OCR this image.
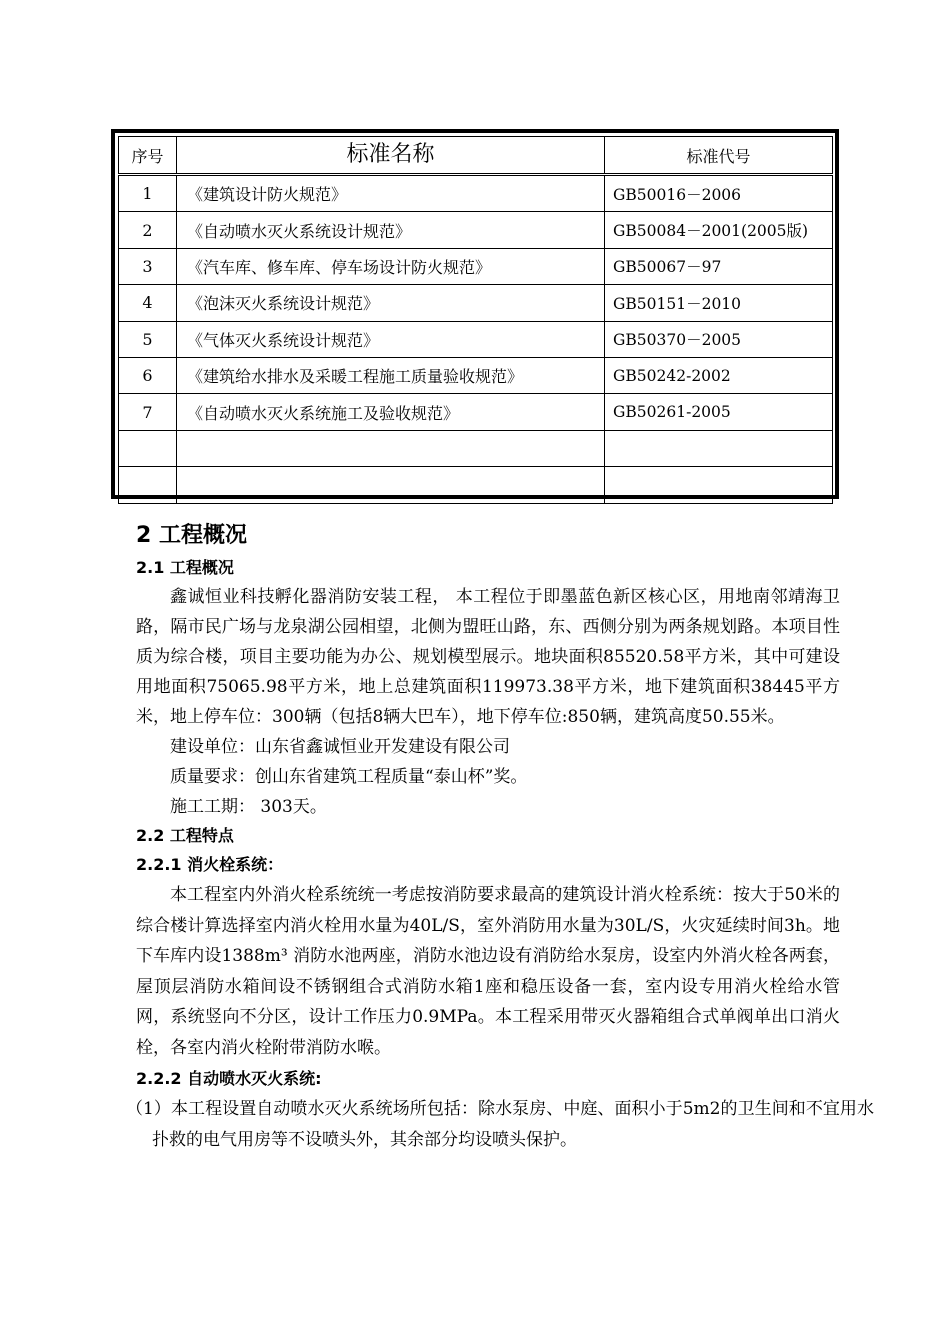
序号	标准名称	标准代号
1	《建筑设计防火规范》	GB50016－2006
2	《自动喷水灭火系统设计规范》	GB50084－2001(2005版)
3	《汽车库、修车库、停车场设计防火规范》	GB50067－97
4	《泡沫灭火系统设计规范》	GB50151－2010
5	《气体灭火系统设计规范》	GB50370－2005
6	《建筑给水排水及采暖工程施工质量验收规范》	GB50242-2002
7	《自动喷水灭火系统施工及验收规范》	GB50261-2005

2 工程概况
2.1 工程概况

鑫诚恒业科技孵化器消防安装工程， 本工程位于即墨蓝色新区核心区，用地南邻靖海卫路，隔市民广场与龙泉湖公园相望，北侧为盟旺山路，东、西侧分别为两条规划路。本项目性质为综合楼，项目主要功能为办公、规划模型展示。地块面积85520.58平方米，其中可建设用地面积75065.98平方米，地上总建筑面积119973.38平方米，地下建筑面积38445平方米，地上停车位：300辆（包括8辆大巴车），地下停车位:850辆，建筑高度50.55米。

建设单位：山东省鑫诚恒业开发建设有限公司

质量要求：创山东省建筑工程质量“泰山杯”奖。

施工工期： 303天。

2.2 工程特点
2.2.1 消火栓系统：

本工程室内外消火栓系统统一考虑按消防要求最高的建筑设计消火栓系统：按大于50米的综合楼计算选择室内消火栓用水量为40L/S，室外消防用水量为30L/S，火灾延续时间3h。地下车库内设1388m³ 消防水池两座，消防水池边设有消防给水泵房，设室内外消火栓各两套，屋顶层消防水箱间设不锈钢组合式消防水箱1座和稳压设备一套，室内设专用消火栓给水管网，系统竖向不分区，设计工作压力0.9MPa。本工程采用带灭火器箱组合式单阀单出口消火栓，各室内消火栓附带消防水喉。

2.2.2 自动喷水灭火系统:

（1）本工程设置自动喷水灭火系统场所包括：除水泵房、中庭、面积小于5m2的卫生间和不宜用水扑救的电气用房等不设喷头外，其余部分均设喷头保护。
